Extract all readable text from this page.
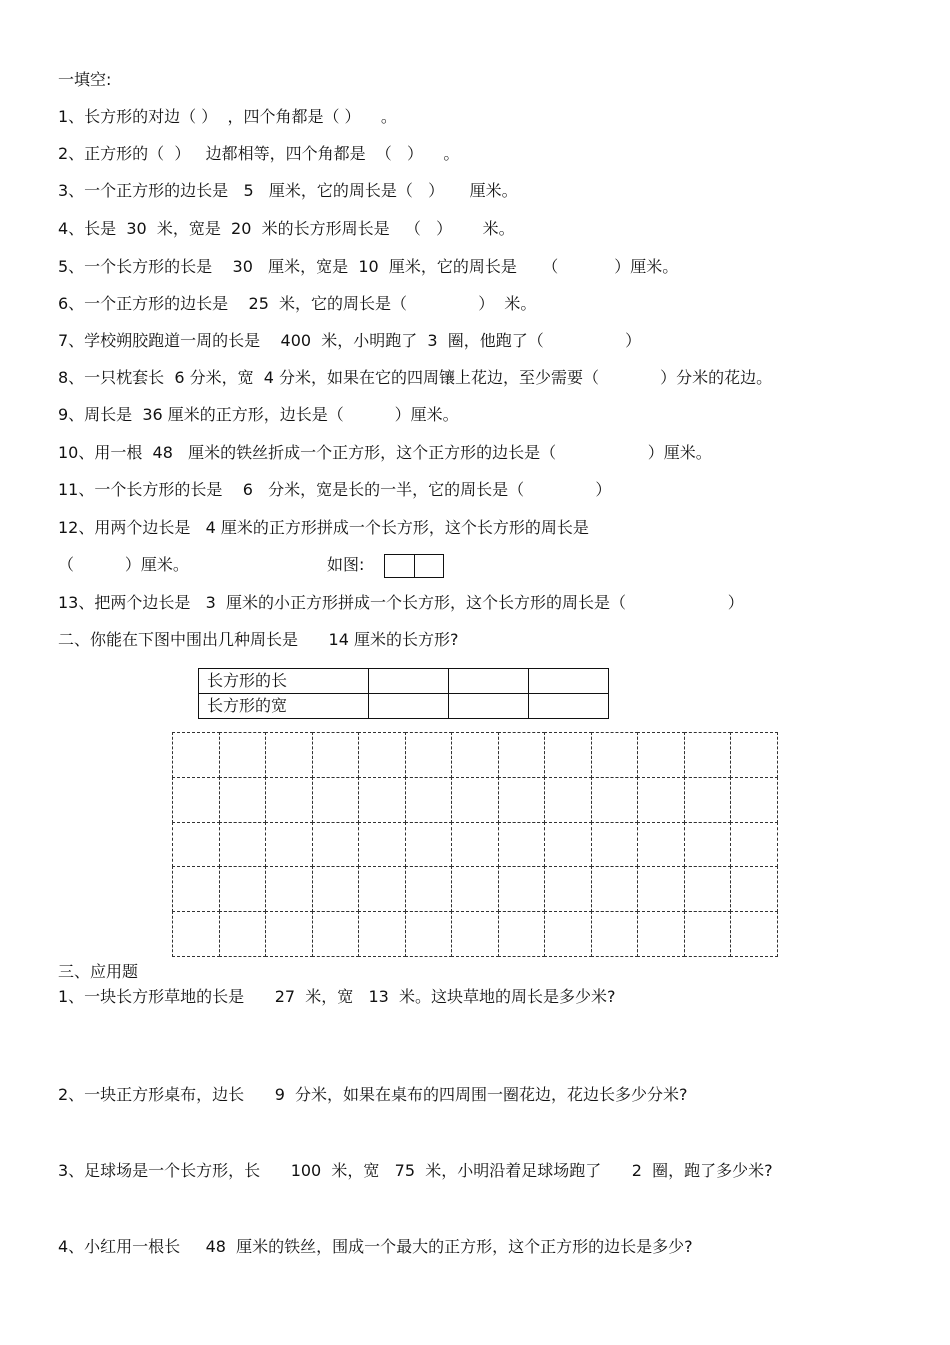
一填空:
1、长方形的对边（ ）  ，四个角都是（ ）    。
2、正方形的（  ）   边都相等，四个角都是  （   ）    。
3、一个正方形的边长是   5   厘米，它的周长是（   ）     厘米。
4、长是  30  米，宽是  20  米的长方形周长是   （   ）      米。
5、一个长方形的长是    30   厘米，宽是  10  厘米，它的周长是     （           ）厘米。
6、一个正方形的边长是    25  米，它的周长是（              ）  米。
7、学校朔胶跑道一周的长是    400  米，小明跑了  3  圈，他跑了（                ）
8、一只枕套长  6 分米，宽  4 分米，如果在它的四周镶上花边，至少需要（            ）分米的花边。
9、周长是  36 厘米的正方形，边长是（          ）厘米。
10、用一根  48   厘米的铁丝折成一个正方形，这个正方形的边长是（                  ）厘米。
11、一个长方形的长是    6   分米，宽是长的一半，它的周长是（              ）
12、用两个边长是   4 厘米的正方形拼成一个长方形，这个长方形的周长是
（          ）厘米。	如图:
13、把两个边长是   3  厘米的小正方形拼成一个长方形，这个长方形的周长是（                    ）
二、你能在下图中围出几种周长是      14 厘米的长方形?
长方形的长			
长方形的宽			
三、应用题
1、一块长方形草地的长是      27  米，宽   13  米。这块草地的周长是多少米?
2、一块正方形桌布，边长      9  分米，如果在桌布的四周围一圈花边，花边长多少分米?
3、足球场是一个长方形，长      100  米，宽   75  米，小明沿着足球场跑了      2  圈，跑了多少米?
4、小红用一根长     48  厘米的铁丝，围成一个最大的正方形，这个正方形的边长是多少?
